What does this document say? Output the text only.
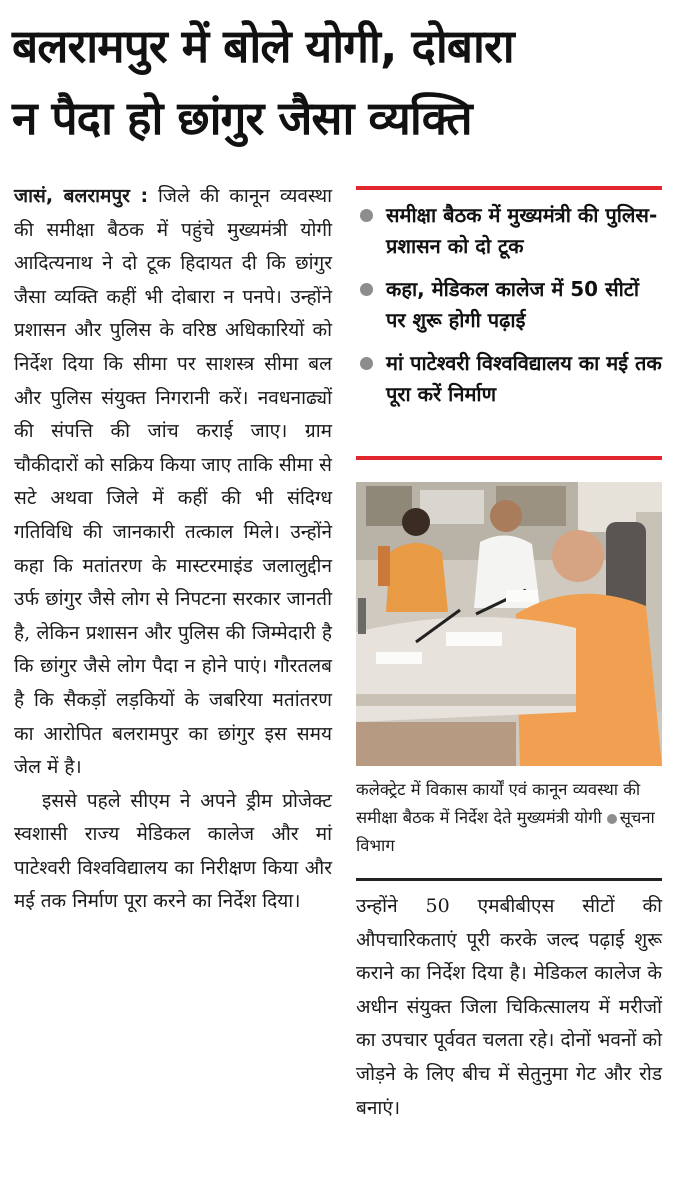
बलरामपुर में बोले योगी, दोबारा
न पैदा हो छांगुर जैसा व्यक्ति

जासं, बलरामपुर : जिले की कानून व्यवस्था की समीक्षा बैठक में पहुंचे मुख्यमंत्री योगी आदित्यनाथ ने दो टूक हिदायत दी कि छांगुर जैसा व्यक्ति कहीं भी दोबारा न पनपे। उन्होंने प्रशासन और पुलिस के वरिष्ठ अधिकारियों को निर्देश दिया कि सीमा पर साशस्त्र सीमा बल और पुलिस संयुक्त निगरानी करें। नवधनाढ्यों की संपत्ति की जांच कराई जाए। ग्राम चौकीदारों को सक्रिय किया जाए ताकि सीमा से सटे अथवा जिले में कहीं की भी संदिग्ध गतिविधि की जानकारी तत्काल मिले। उन्होंने कहा कि मतांतरण के मास्टरमाइंड जलालुद्दीन उर्फ छांगुर जैसे लोग से निपटना सरकार जानती है, लेकिन प्रशासन और पुलिस की जिम्मेदारी है कि छांगुर जैसे लोग पैदा न होने पाएं। गौरतलब है कि सैकड़ों लड़कियों के जबरिया मतांतरण का आरोपित बलरामपुर का छांगुर इस समय जेल में है।

इससे पहले सीएम ने अपने ड्रीम प्रोजेक्ट स्वशासी राज्य मेडिकल कालेज और मां पाटेश्वरी विश्वविद्यालय का निरीक्षण किया और मई तक निर्माण पूरा करने का निर्देश दिया।

समीक्षा बैठक में मुख्यमंत्री की पुलिस-प्रशासन को दो टूक
कहा, मेडिकल कालेज में 50 सीटों पर शुरू होगी पढ़ाई
मां पाटेश्वरी विश्वविद्यालय का मई तक पूरा करें निर्माण

कलेक्ट्रेट में विकास कार्यों एवं कानून व्यवस्था की समीक्षा बैठक में निर्देश देते मुख्यमंत्री योगी सूचना विभाग

उन्होंने 50 एमबीबीएस सीटों की औपचारिकताएं पूरी करके जल्द पढ़ाई शुरू कराने का निर्देश दिया है। मेडिकल कालेज के अधीन संयुक्त जिला चिकित्सालय में मरीजों का उपचार पूर्ववत चलता रहे। दोनों भवनों को जोड़ने के लिए बीच में सेतुनुमा गेट और रोड बनाएं।
